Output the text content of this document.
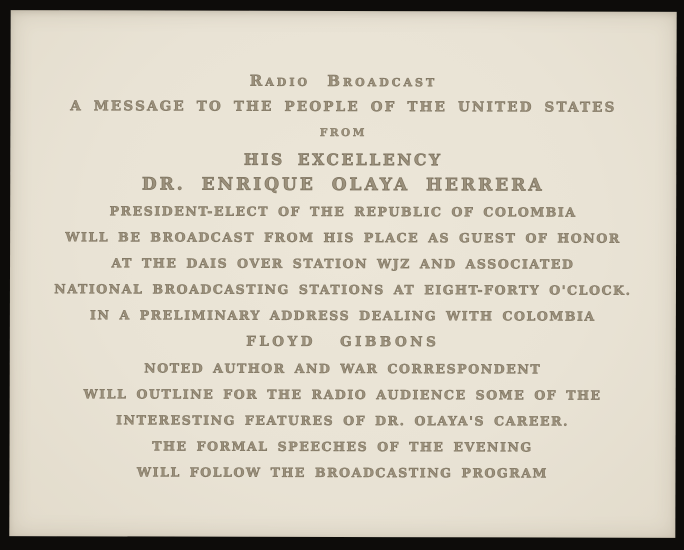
Radio Broadcast
A MESSAGE TO THE PEOPLE OF THE UNITED STATES
FROM
HIS EXCELLENCY
DR. ENRIQUE OLAYA HERRERA
PRESIDENT-ELECT OF THE REPUBLIC OF COLOMBIA
WILL BE BROADCAST FROM HIS PLACE AS GUEST OF HONOR
AT THE DAIS OVER STATION WJZ AND ASSOCIATED
NATIONAL BROADCASTING STATIONS AT EIGHT-FORTY O'CLOCK.
IN A PRELIMINARY ADDRESS DEALING WITH COLOMBIA
FLOYD GIBBONS
NOTED AUTHOR AND WAR CORRESPONDENT
WILL OUTLINE FOR THE RADIO AUDIENCE SOME OF THE
INTERESTING FEATURES OF DR. OLAYA'S CAREER.
THE FORMAL SPEECHES OF THE EVENING
WILL FOLLOW THE BROADCASTING PROGRAM
